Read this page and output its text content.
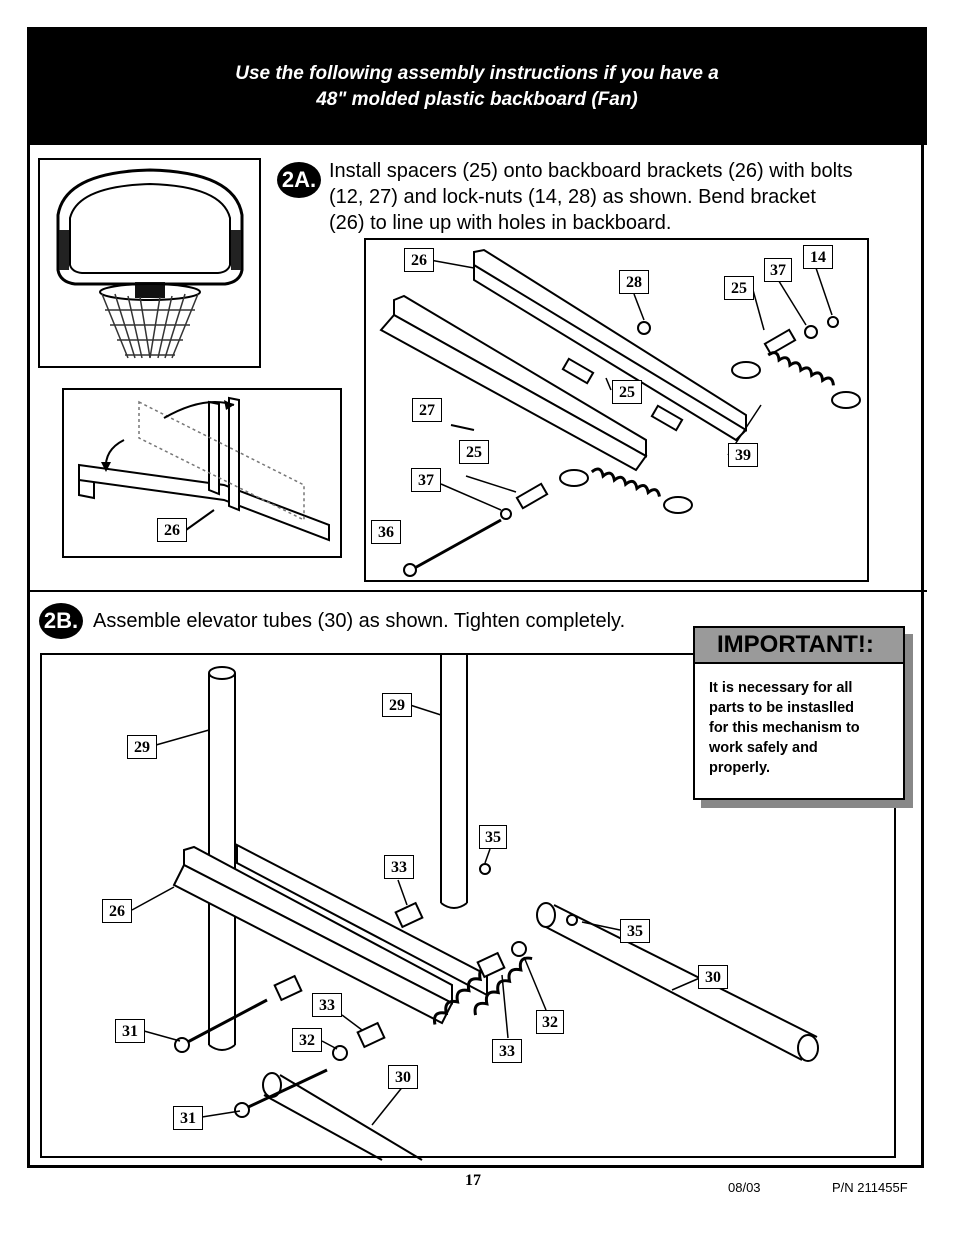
Use the following assembly instructions if you have a
48" molded plastic backboard (Fan)
26
2A. Install spacers (25) onto backboard brackets (26) with bolts
(12, 27) and lock-nuts (14, 28) as shown. Bend bracket
(26) to line up with holes in backboard.
26
28	25
37
14
25
27
25
37
39
36
2B. Assemble elevator tubes (30) as shown. Tighten completely.
29
29
35
33
26
35
30
33
31
32
32
33
30
31
IMPORTANT!:
It is necessary for all
parts to be instaslled
for this mechanism to
work safely and
properly.
17	08/03	P/N 211455F
